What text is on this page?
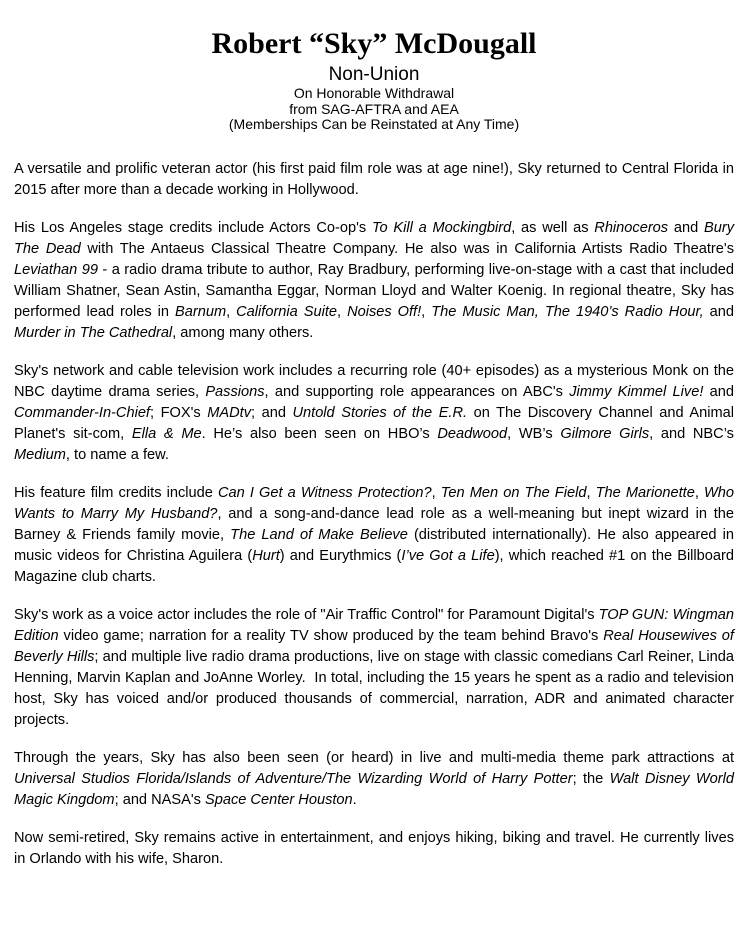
Robert “Sky” McDougall
Non-Union
On Honorable Withdrawal
from SAG-AFTRA and AEA
(Memberships Can be Reinstated at Any Time)

A versatile and prolific veteran actor (his first paid film role was at age nine!), Sky returned to Central Florida in 2015 after more than a decade working in Hollywood.

His Los Angeles stage credits include Actors Co-op's To Kill a Mockingbird, as well as Rhinoceros and Bury The Dead with The Antaeus Classical Theatre Company. He also was in California Artists Radio Theatre's Leviathan 99 - a radio drama tribute to author, Ray Bradbury, performing live-on-stage with a cast that included William Shatner, Sean Astin, Samantha Eggar, Norman Lloyd and Walter Koenig. In regional theatre, Sky has performed lead roles in Barnum, California Suite, Noises Off!, The Music Man, The 1940’s Radio Hour, and Murder in The Cathedral, among many others.

Sky's network and cable television work includes a recurring role (40+ episodes) as a mysterious Monk on the NBC daytime drama series, Passions, and supporting role appearances on ABC's Jimmy Kimmel Live! and Commander-In-Chief; FOX's MADtv; and Untold Stories of the E.R. on The Discovery Channel and Animal Planet's sit-com, Ella & Me. He’s also been seen on HBO’s Deadwood, WB’s Gilmore Girls, and NBC’s Medium, to name a few.

His feature film credits include Can I Get a Witness Protection?, Ten Men on The Field, The Marionette, Who Wants to Marry My Husband?, and a song-and-dance lead role as a well-meaning but inept wizard in the Barney & Friends family movie, The Land of Make Believe (distributed internationally). He also appeared in music videos for Christina Aguilera (Hurt) and Eurythmics (I’ve Got a Life), which reached #1 on the Billboard Magazine club charts.

Sky's work as a voice actor includes the role of "Air Traffic Control" for Paramount Digital's TOP GUN: Wingman Edition video game; narration for a reality TV show produced by the team behind Bravo's Real Housewives of Beverly Hills; and multiple live radio drama productions, live on stage with classic comedians Carl Reiner, Linda Henning, Marvin Kaplan and JoAnne Worley.  In total, including the 15 years he spent as a radio and television host, Sky has voiced and/or produced thousands of commercial, narration, ADR and animated character projects.

Through the years, Sky has also been seen (or heard) in live and multi-media theme park attractions at Universal Studios Florida/Islands of Adventure/The Wizarding World of Harry Potter; the Walt Disney World Magic Kingdom; and NASA's Space Center Houston.

Now semi-retired, Sky remains active in entertainment, and enjoys hiking, biking and travel. He currently lives in Orlando with his wife, Sharon.
